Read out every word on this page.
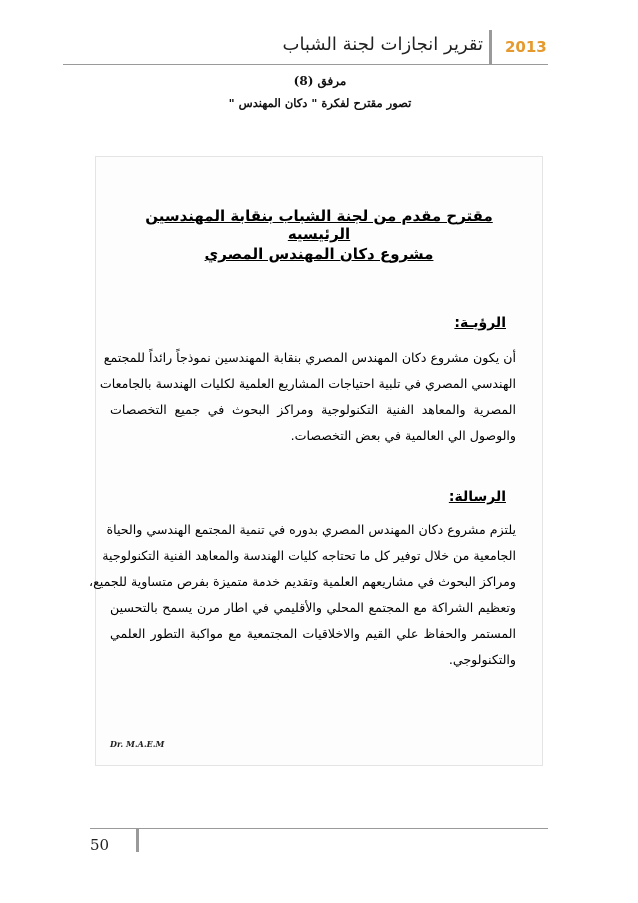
تقرير انجازات لجنة الشباب 2013
مرفق (8)
تصور مقترح لفكرة " دكان المهندس "
مقترح مقدم من لجنة الشباب بنقابة المهندسين الرئيسيه
مشروع دكان المهندس المصري
الرؤيـة:
أن يكون مشروع دكان المهندس المصري بنقابة المهندسين نموذجاً رائداً للمجتمع
الهندسي المصري في تلبية احتياجات المشاريع العلمية لكليات الهندسة بالجامعات
المصرية والمعاهد الفنية التكنولوجية ومراكز البحوث في جميع التخصصات
والوصول الي العالمية في بعض التخصصات.
الرسالة:
يلتزم مشروع دكان المهندس المصري بدوره في تنمية المجتمع الهندسي والحياة
الجامعية من خلال توفير كل ما تحتاجه كليات الهندسة والمعاهد الفنية التكنولوجية
ومراكز البحوث في مشاريعهم العلمية وتقديم خدمة متميزة بفرص متساوية للجميع،
وتعظيم الشراكة مع المجتمع المحلي والأقليمي في اطار مرن يسمح بالتحسين
المستمر والحفاظ علي القيم والاخلاقيات المجتمعية مع مواكبة التطور العلمي
والتكنولوجي.
Dr. M.A.E.M
50
